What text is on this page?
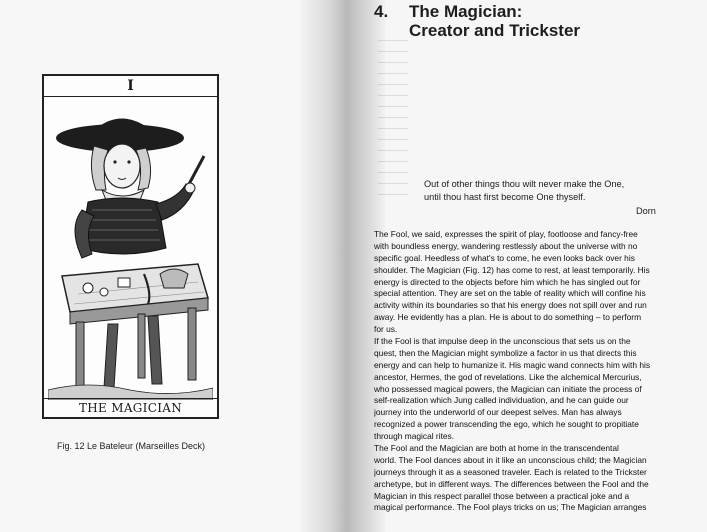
I
THE MAGICIAN
Fig. 12 Le Bateleur (Marseilles Deck)
4. The Magician:
Creator and Trickster
Out of other things thou wilt never make the One,
until thou hast first become One thyself.
Dorn
The Fool, we said, expresses the spirit of play, footloose and fancy-free
with boundless energy, wandering restlessly about the universe with no
specific goal. Heedless of what's to come, he even looks back over his
shoulder. The Magician (Fig. 12) has come to rest, at least temporarily. His
energy is directed to the objects before him which he has singled out for
special attention. They are set on the table of reality which will confine his
activity within its boundaries so that his energy does not spill over and run
away. He evidently has a plan. He is about to do something – to perform
for us.
If the Fool is that impulse deep in the unconscious that sets us on the
quest, then the Magician might symbolize a factor in us that directs this
energy and can help to humanize it. His magic wand connects him with his
ancestor, Hermes, the god of revelations. Like the alchemical Mercurius,
who possessed magical powers, the Magician can initiate the process of
self-realization which Jung called individuation, and he can guide our
journey into the underworld of our deepest selves. Man has always
recognized a power transcending the ego, which he sought to propitiate
through magical rites.
The Fool and the Magician are both at home in the transcendental
world. The Fool dances about in it like an unconscious child; the Magician
journeys through it as a seasoned traveler. Each is related to the Trickster
archetype, but in different ways. The differences between the Fool and the
Magician in this respect parallel those between a practical joke and a
magical performance. The Fool plays tricks on us; The Magician arranges
